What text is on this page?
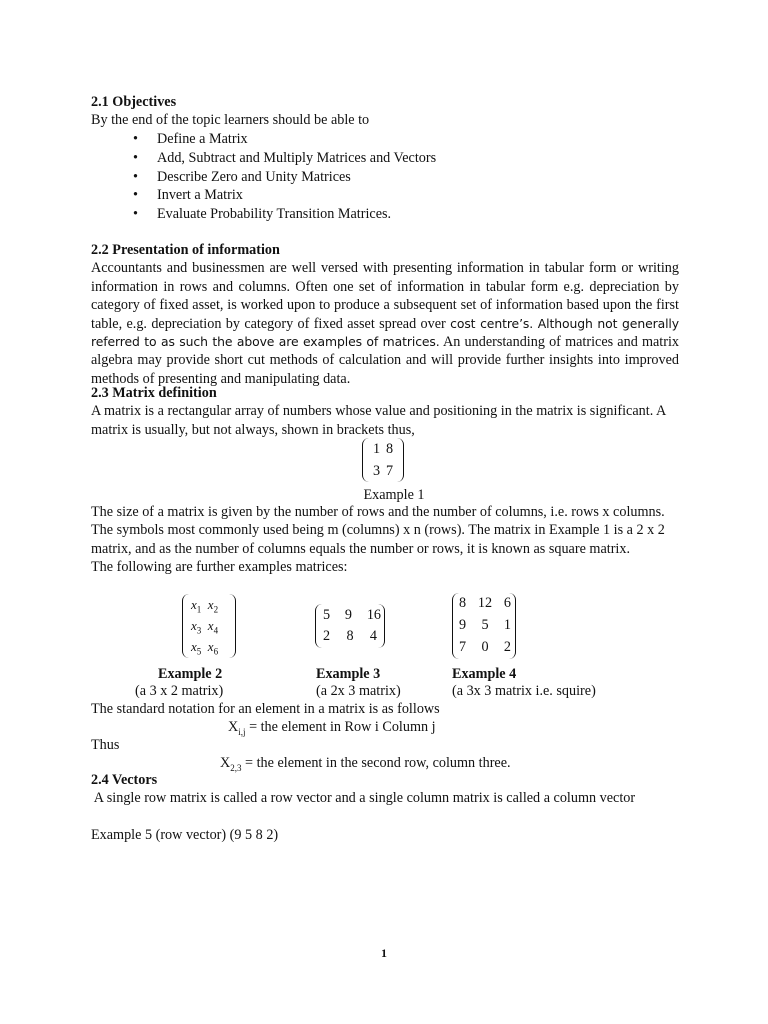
2.1 Objectives

By the end of the topic learners should be able to

• Define a Matrix
• Add, Subtract and Multiply Matrices and Vectors
• Describe Zero and Unity Matrices
• Invert a Matrix
• Evaluate Probability Transition Matrices.
2.2 Presentation of information

Accountants and businessmen are well versed with presenting information in tabular form or writing information in rows and columns. Often one set of information in tabular form e.g. depreciation by category of fixed asset, is worked upon to produce a subsequent set of information based upon the first table, e.g. depreciation by category of fixed asset spread over cost centre’s. Although not generally referred to as such the above are examples of matrices. An understanding of matrices and matrix algebra may provide short cut methods of calculation and will provide further insights into improved methods of presenting and manipulating data.

2.3 Matrix definition

A matrix is a rectangular array of numbers whose value and positioning in the matrix is significant. A matrix is usually, but not always, shown in brackets thus,

1 8
3 7
Example 1

The size of a matrix is given by the number of rows and the number of columns, i.e. rows x columns. The symbols most commonly used being m (columns) x n (rows). The matrix in Example 1 is a 2 x 2 matrix, and as the number of columns equals the number or rows, it is known as square matrix.

The following are further examples matrices:

$x_1$ $x_2$
$x_3$ $x_4$
$x_5$ $x_6$
5 9 16
2 8 4
8 12 6
9 5 1
7 0 2
Example 2
(a 3 x 2 matrix)
Example 3
(a 2x 3 matrix)
Example 4
(a 3x 3 matrix i.e. squire)
The standard notation for an element in a matrix is as follows
$X_{i,j}$ = the element in Row i Column j
Thus
$X_{2,3}$ = the element in the second row, column three.
2.4 Vectors

A single row matrix is called a row vector and a single column matrix is called a column vector

Example 5 (row vector) (9 5 8 2)
1
